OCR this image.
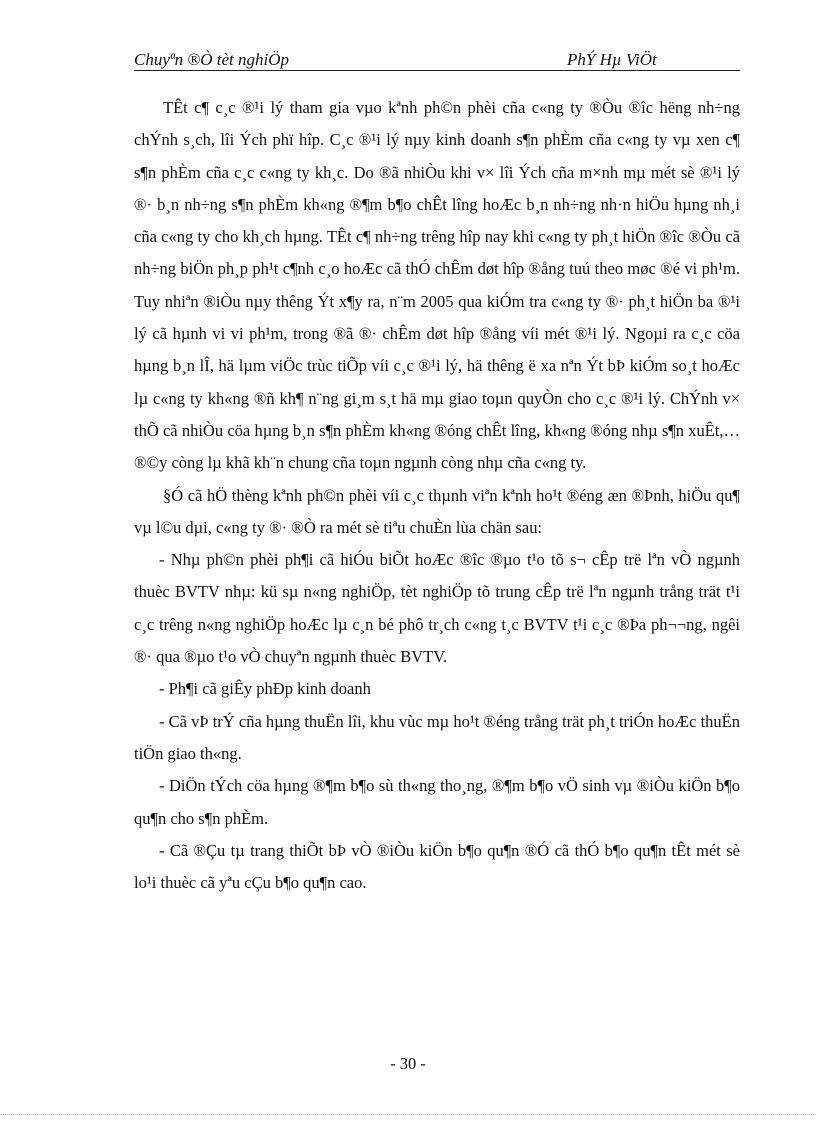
Chuyªn ®Ò tèt nghiÖp	PhÝ Hµ ViÖt

TÊt c¶ c¸c ®¹i lý tham gia vµo kªnh ph©n phèi cña c«ng ty ®Òu ®îc hëng nh÷ng chÝnh s¸ch, lîi Ých phï hîp. C¸c ®¹i lý nµy kinh doanh s¶n phÈm cña c«ng ty vµ xen c¶ s¶n phÈm cña c¸c c«ng ty kh¸c. Do ®ã nhiÒu khi v× lîi Ých cña m×nh mµ mét sè ®¹i lý ®· b¸n nh÷ng s¶n phÈm kh«ng ®¶m b¶o chÊt lîng hoÆc b¸n nh÷ng nh·n hiÖu hµng nh¸i cña c«ng ty cho kh¸ch hµng. TÊt c¶ nh÷ng trêng hîp nay khi c«ng ty ph¸t hiÖn ®îc ®Òu cã nh÷ng biÖn ph¸p ph¹t c¶nh c¸o hoÆc cã thÓ chÊm døt hîp ®ång tuú theo møc ®é vi ph¹m. Tuy nhiªn ®iÒu nµy thêng Ýt x¶y ra, n¨m 2005 qua kiÓm tra c«ng ty ®· ph¸t hiÖn ba ®¹i lý cã hµnh vi vi ph¹m, trong ®ã ®· chÊm døt hîp ®ång víi mét ®¹i lý. Ngoµi ra c¸c cöa hµng b¸n lÎ, hä lµm viÖc trùc tiÕp víi c¸c ®¹i lý, hä thêng ë xa nªn Ýt bÞ kiÓm so¸t hoÆc lµ c«ng ty kh«ng ®ñ kh¶ n¨ng gi¸m s¸t hä mµ giao toµn quyÒn cho c¸c ®¹i lý. ChÝnh v× thÕ cã nhiÒu cöa hµng b¸n s¶n phÈm kh«ng ®óng chÊt lîng, kh«ng ®óng nhµ s¶n xuÊt,…®©y còng lµ khã kh¨n chung cña toµn ngµnh còng nhµ cña c«ng ty.

§Ó cã hÖ thèng kªnh ph©n phèi víi c¸c thµnh viªn kªnh ho¹t ®éng æn ®Þnh, hiÖu qu¶ vµ l©u dµi, c«ng ty ®· ®Ò ra mét sè tiªu chuÈn lùa chän sau:

- Nhµ ph©n phèi ph¶i cã hiÓu biÕt hoÆc ®îc ®µo t¹o tõ s¬ cÊp trë lªn vÒ ngµnh thuèc BVTV nhµ: kü sµ n«ng nghiÖp, tèt nghiÖp tõ trung cÊp trë lªn ngµnh trång trät t¹i c¸c trêng n«ng nghiÖp hoÆc lµ c¸n bé phô tr¸ch c«ng t¸c BVTV t¹i c¸c ®Þa ph¬¬ng, ngêi ®· qua ®µo t¹o vÒ chuyªn ngµnh thuèc BVTV.

- Ph¶i cã giÊy phÐp kinh doanh

- Cã vÞ trÝ cña hµng thuËn lîi, khu vùc mµ ho¹t ®éng trång trät ph¸t triÓn hoÆc thuËn tiÖn giao th«ng.

- DiÖn tÝch cöa hµng ®¶m b¶o sù th«ng tho¸ng, ®¶m b¶o vÖ sinh vµ ®iÒu kiÖn b¶o qu¶n cho s¶n phÈm.

- Cã ®Çu tµ trang thiÕt bÞ vÒ ®iÒu kiÖn b¶o qu¶n ®Ó cã thÓ b¶o qu¶n tÊt mét sè lo¹i thuèc cã yªu cÇu b¶o qu¶n cao.

- 30 -
